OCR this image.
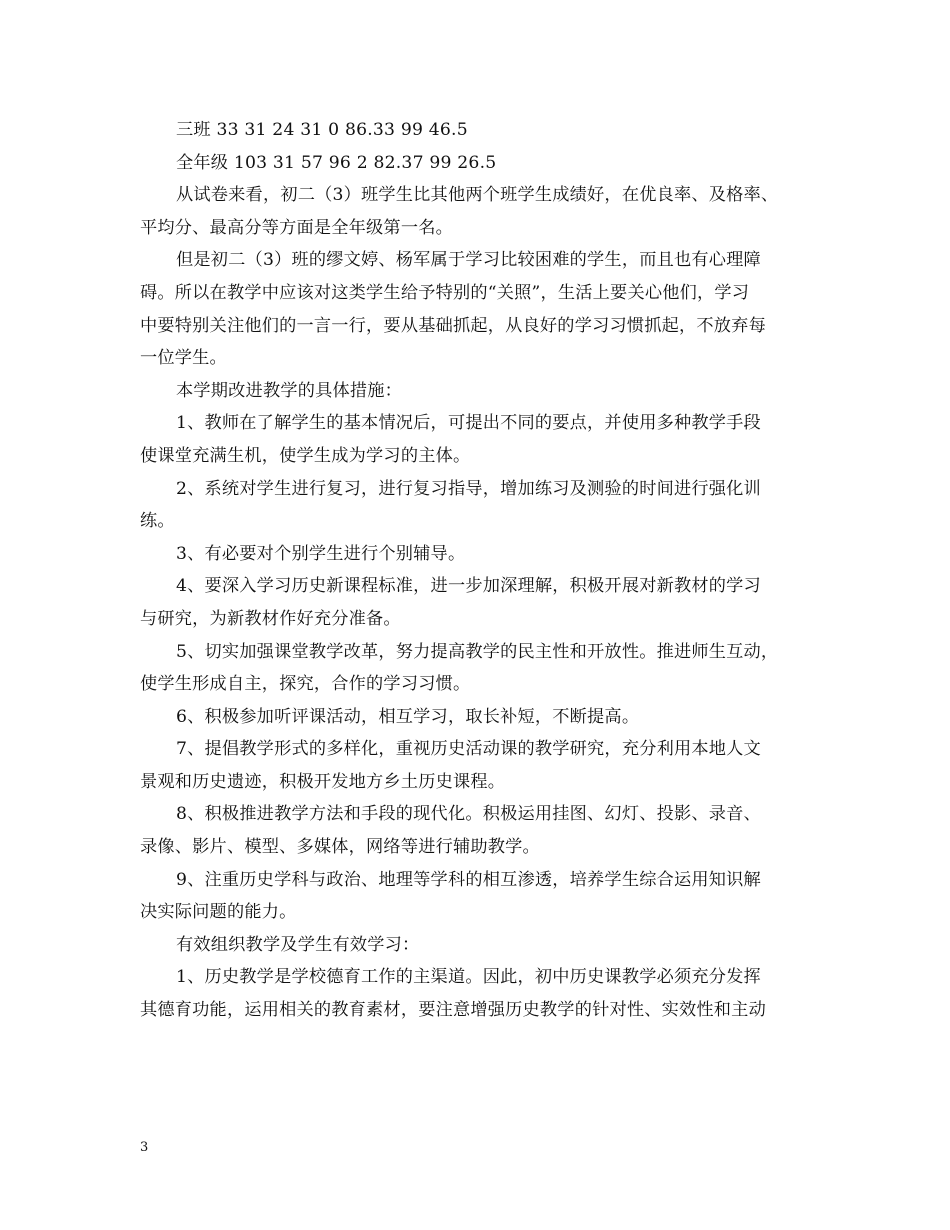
三班 33 31 24 31 0 86.33 99 46.5
全年级 103 31 57 96 2 82.37 99 26.5
从试卷来看，初二（3）班学生比其他两个班学生成绩好，在优良率、及格率、
平均分、最高分等方面是全年级第一名。
但是初二（3）班的缪文婷、杨军属于学习比较困难的学生，而且也有心理障
碍。所以在教学中应该对这类学生给予特别的“关照”，生活上要关心他们，学习
中要特别关注他们的一言一行，要从基础抓起，从良好的学习习惯抓起，不放弃每
一位学生。
本学期改进教学的具体措施：
1、教师在了解学生的基本情况后，可提出不同的要点，并使用多种教学手段
使课堂充满生机，使学生成为学习的主体。
2、系统对学生进行复习，进行复习指导，增加练习及测验的时间进行强化训
练。
3、有必要对个别学生进行个别辅导。
4、要深入学习历史新课程标准，进一步加深理解，积极开展对新教材的学习
与研究，为新教材作好充分准备。
5、切实加强课堂教学改革，努力提高教学的民主性和开放性。推进师生互动，
使学生形成自主，探究，合作的学习习惯。
6、积极参加听评课活动，相互学习，取长补短，不断提高。
7、提倡教学形式的多样化，重视历史活动课的教学研究，充分利用本地人文
景观和历史遗迹，积极开发地方乡土历史课程。
8、积极推进教学方法和手段的现代化。积极运用挂图、幻灯、投影、录音、
录像、影片、模型、多媒体，网络等进行辅助教学。
9、注重历史学科与政治、地理等学科的相互渗透，培养学生综合运用知识解
决实际问题的能力。
有效组织教学及学生有效学习：
1、历史教学是学校德育工作的主渠道。因此，初中历史课教学必须充分发挥
其德育功能，运用相关的教育素材，要注意增强历史教学的针对性、实效性和主动
3
